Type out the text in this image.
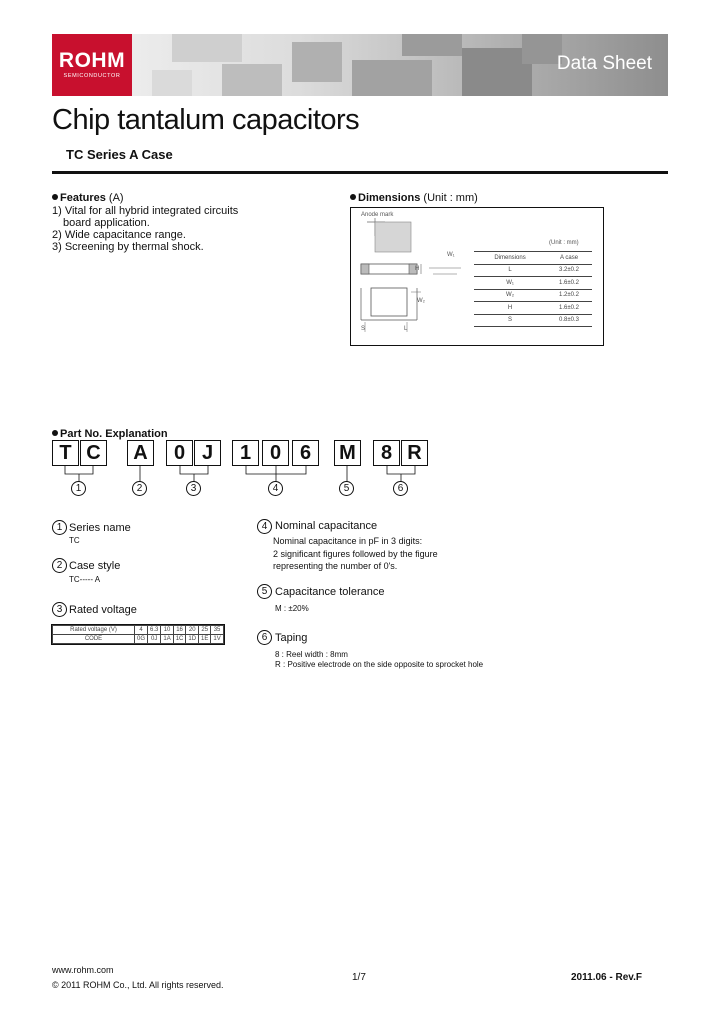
ROHM
SEMICONDUCTOR
Data Sheet
Chip tantalum capacitors
TC Series A Case
Features (A)
1) Vital for all hybrid integrated circuits
board application.
2) Wide capacitance range.
3) Screening by thermal shock.
Dimensions (Unit : mm)
Anode mark
W₁
H
W₂
S	L
(Unit : mm)
Dimensions	A case
L	3.2±0.2
W₁	1.6±0.2
W₂	1.2±0.2
H	1.6±0.2
S	0.8±0.3
Part No. Explanation
T C	A	0 J	1 0 6	M	8 R
1	2	3	4	5	6
1 Series name
TC
2 Case style
TC----- A
3 Rated voltage
Rated voltage (V)	4	6.3	10	16	20	25	35
CODE	0G	0J	1A	1C	1D	1E	1V
4 Nominal capacitance
Nominal capacitance in pF in 3 digits:
2 significant figures followed by the figure
representing the number of 0's.
5 Capacitance tolerance
M : ±20%
6 Taping
8 : Reel width : 8mm
R : Positive electrode on the side opposite to sprocket hole
www.rohm.com
© 2011 ROHM Co., Ltd. All rights reserved.
1/7	2011.06 - Rev.F
